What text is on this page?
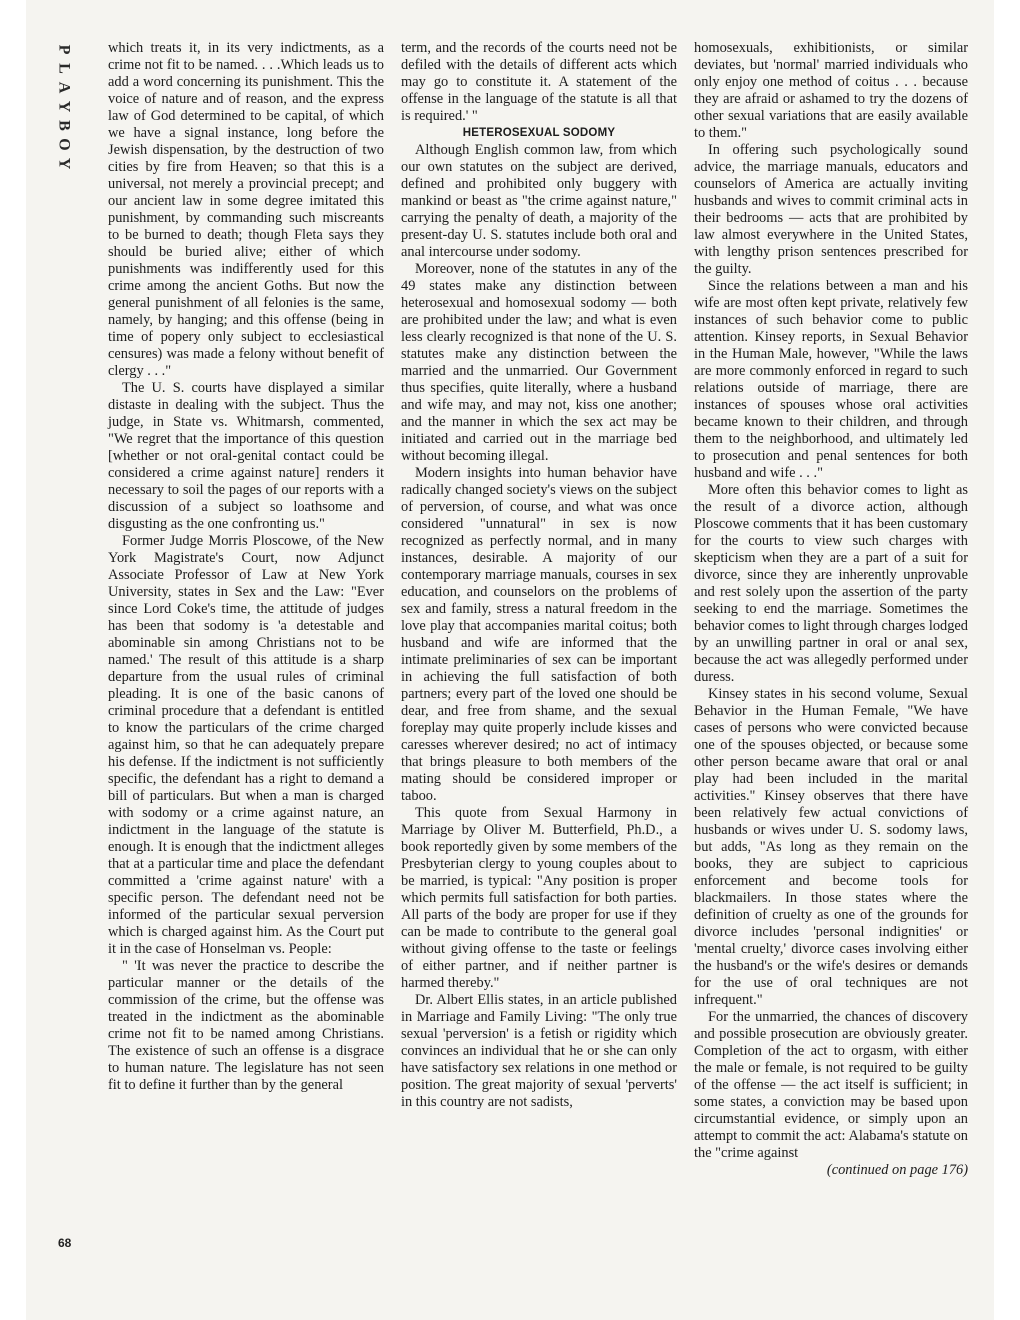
P
L
A
Y
B
O
Y
68

which treats it, in its very indictments, as a crime not fit to be named. . . .Which leads us to add a word concerning its punishment. This the voice of nature and of reason, and the express law of God determined to be capital, of which we have a signal instance, long before the Jewish dispensation, by the destruction of two cities by fire from Heaven; so that this is a universal, not merely a provincial precept; and our ancient law in some degree imitated this punishment, by commanding such miscreants to be burned to death; though Fleta says they should be buried alive; either of which punishments was indifferently used for this crime among the ancient Goths. But now the general punishment of all felonies is the same, namely, by hanging; and this offense (being in time of popery only subject to ecclesiastical censures) was made a felony without benefit of clergy . . ."

The U. S. courts have displayed a similar distaste in dealing with the subject. Thus the judge, in State vs. Whitmarsh, commented, "We regret that the importance of this question [whether or not oral-genital contact could be considered a crime against nature] renders it necessary to soil the pages of our reports with a discussion of a subject so loathsome and disgusting as the one confronting us."

Former Judge Morris Ploscowe, of the New York Magistrate's Court, now Adjunct Associate Professor of Law at New York University, states in Sex and the Law: "Ever since Lord Coke's time, the attitude of judges has been that sodomy is 'a detestable and abominable sin among Christians not to be named.' The result of this attitude is a sharp departure from the usual rules of criminal pleading. It is one of the basic canons of criminal procedure that a defendant is entitled to know the particulars of the crime charged against him, so that he can adequately prepare his defense. If the indictment is not sufficiently specific, the defendant has a right to demand a bill of particulars. But when a man is charged with sodomy or a crime against nature, an indictment in the language of the statute is enough. It is enough that the indictment alleges that at a particular time and place the defendant committed a 'crime against nature' with a specific person. The defendant need not be informed of the particular sexual perversion which is charged against him. As the Court put it in the case of Honselman vs. People:

" 'It was never the practice to describe the particular manner or the details of the commission of the crime, but the offense was treated in the indictment as the abominable crime not fit to be named among Christians. The existence of such an offense is a disgrace to human nature. The legislature has not seen fit to define it further than by the general

term, and the records of the courts need not be defiled with the details of different acts which may go to constitute it. A statement of the offense in the language of the statute is all that is required.' "

HETEROSEXUAL SODOMY

Although English common law, from which our own statutes on the subject are derived, defined and prohibited only buggery with mankind or beast as "the crime against nature," carrying the penalty of death, a majority of the present-day U. S. statutes include both oral and anal intercourse under sodomy.

Moreover, none of the statutes in any of the 49 states make any distinction between heterosexual and homosexual sodomy — both are prohibited under the law; and what is even less clearly recognized is that none of the U. S. statutes make any distinction between the married and the unmarried. Our Government thus specifies, quite literally, where a husband and wife may, and may not, kiss one another; and the manner in which the sex act may be initiated and carried out in the marriage bed without becoming illegal.

Modern insights into human behavior have radically changed society's views on the subject of perversion, of course, and what was once considered "unnatural" in sex is now recognized as perfectly normal, and in many instances, desirable. A majority of our contemporary marriage manuals, courses in sex education, and counselors on the problems of sex and family, stress a natural freedom in the love play that accompanies marital coitus; both husband and wife are informed that the intimate preliminaries of sex can be important in achieving the full satisfaction of both partners; every part of the loved one should be dear, and free from shame, and the sexual foreplay may quite properly include kisses and caresses wherever desired; no act of intimacy that brings pleasure to both members of the mating should be considered improper or taboo.

This quote from Sexual Harmony in Marriage by Oliver M. Butterfield, Ph.D., a book reportedly given by some members of the Presbyterian clergy to young couples about to be married, is typical: "Any position is proper which permits full satisfaction for both parties. All parts of the body are proper for use if they can be made to contribute to the general goal without giving offense to the taste or feelings of either partner, and if neither partner is harmed thereby."

Dr. Albert Ellis states, in an article published in Marriage and Family Living: "The only true sexual 'perversion' is a fetish or rigidity which convinces an individual that he or she can only have satisfactory sex relations in one method or position. The great majority of sexual 'perverts' in this country are not sadists,

homosexuals, exhibitionists, or similar deviates, but 'normal' married individuals who only enjoy one method of coitus . . . because they are afraid or ashamed to try the dozens of other sexual variations that are easily available to them."

In offering such psychologically sound advice, the marriage manuals, educators and counselors of America are actually inviting husbands and wives to commit criminal acts in their bedrooms — acts that are prohibited by law almost everywhere in the United States, with lengthy prison sentences prescribed for the guilty.

Since the relations between a man and his wife are most often kept private, relatively few instances of such behavior come to public attention. Kinsey reports, in Sexual Behavior in the Human Male, however, "While the laws are more commonly enforced in regard to such relations outside of marriage, there are instances of spouses whose oral activities became known to their children, and through them to the neighborhood, and ultimately led to prosecution and penal sentences for both husband and wife . . ."

More often this behavior comes to light as the result of a divorce action, although Ploscowe comments that it has been customary for the courts to view such charges with skepticism when they are a part of a suit for divorce, since they are inherently unprovable and rest solely upon the assertion of the party seeking to end the marriage. Sometimes the behavior comes to light through charges lodged by an unwilling partner in oral or anal sex, because the act was allegedly performed under duress.

Kinsey states in his second volume, Sexual Behavior in the Human Female, "We have cases of persons who were convicted because one of the spouses objected, or because some other person became aware that oral or anal play had been included in the marital activities." Kinsey observes that there have been relatively few actual convictions of husbands or wives under U. S. sodomy laws, but adds, "As long as they remain on the books, they are subject to capricious enforcement and become tools for blackmailers. In those states where the definition of cruelty as one of the grounds for divorce includes 'personal indignities' or 'mental cruelty,' divorce cases involving either the husband's or the wife's desires or demands for the use of oral techniques are not infrequent."

For the unmarried, the chances of discovery and possible prosecution are obviously greater. Completion of the act to orgasm, with either the male or female, is not required to be guilty of the offense — the act itself is sufficient; in some states, a conviction may be based upon circumstantial evidence, or simply upon an attempt to commit the act: Alabama's statute on the "crime against

(continued on page 176)
